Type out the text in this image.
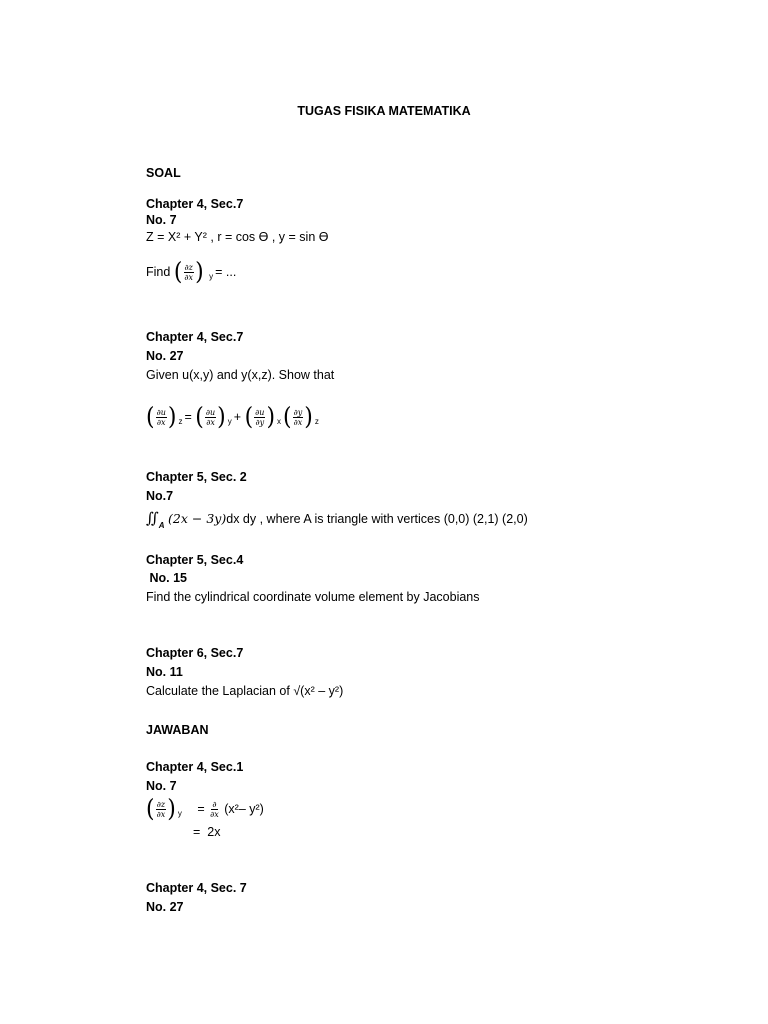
TUGAS FISIKA MATEMATIKA
SOAL
Chapter 4, Sec.7
No. 7
Z = X² + Y² , r = cos Ɵ , y = sin Ɵ
Find ( $\frac{\partial z}{\partial x}$ ) $_y$ = ...
Chapter 4, Sec.7
No. 27
Given u(x,y) and y(x,z). Show that
( $\frac{\partial u}{\partial x}$ ) $_z$ = ( $\frac{\partial u}{\partial x}$ ) $_y$ + ( $\frac{\partial u}{\partial y}$ ) $_x( \frac{\partial y}{\partial x}$ ) $_z$
Chapter 5, Sec. 2
No.7
$∬_A$ (2x − 3y)dx dy , where A is triangle with vertices (0,0) (2,1) (2,0)
Chapter 5, Sec.4
No. 15
Find the cylindrical coordinate volume element by Jacobians
Chapter 6, Sec.7
No. 11
Calculate the Laplacian of √(x² – y²)
JAWABAN
Chapter 4, Sec.1
No. 7
( $\frac{\partial z}{\partial x}$ ) $_y = \frac{\partial}{\partial x} (x^2-$ y²)
= 2x
Chapter 4, Sec. 7
No. 27
